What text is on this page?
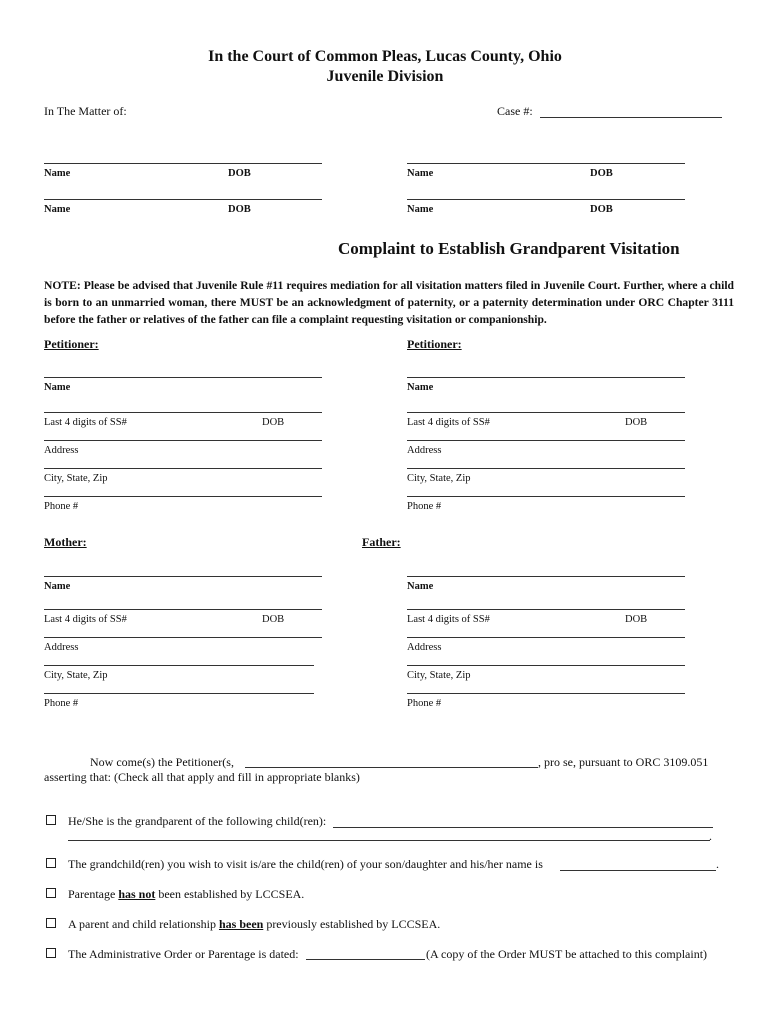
In the Court of Common Pleas, Lucas County, Ohio
Juvenile Division
In The Matter of:	Case #:
Name	DOB	Name	DOB
Name	DOB	Name	DOB
Complaint to Establish Grandparent Visitation
NOTE: Please be advised that Juvenile Rule #11 requires mediation for all visitation matters filed in Juvenile Court. Further, where a child is born to an unmarried woman, there MUST be an acknowledgment of paternity, or a paternity determination under ORC Chapter 3111 before the father or relatives of the father can file a complaint requesting visitation or companionship.
Petitioner:	Petitioner:
Name
Last 4 digits of SS#	DOB
Address
City, State, Zip
Phone #
Name
Last 4 digits of SS#	DOB
Address
City, State, Zip
Phone #
Mother:	Father:
Name
Last 4 digits of SS#	DOB
Address
City, State, Zip
Phone #
Name
Last 4 digits of SS#	DOB
Address
City, State, Zip
Phone #
Now come(s) the Petitioner(s,	, pro se, pursuant to ORC 3109.051
asserting that: (Check all that apply and fill in appropriate blanks)
He/She is the grandparent of the following child(ren):
.
The grandchild(ren) you wish to visit is/are the child(ren) of your son/daughter and his/her name is	.
Parentage has not been established by LCCSEA.
A parent and child relationship has been previously established by LCCSEA.
The Administrative Order or Parentage is dated:	(A copy of the Order MUST be attached to this complaint)
